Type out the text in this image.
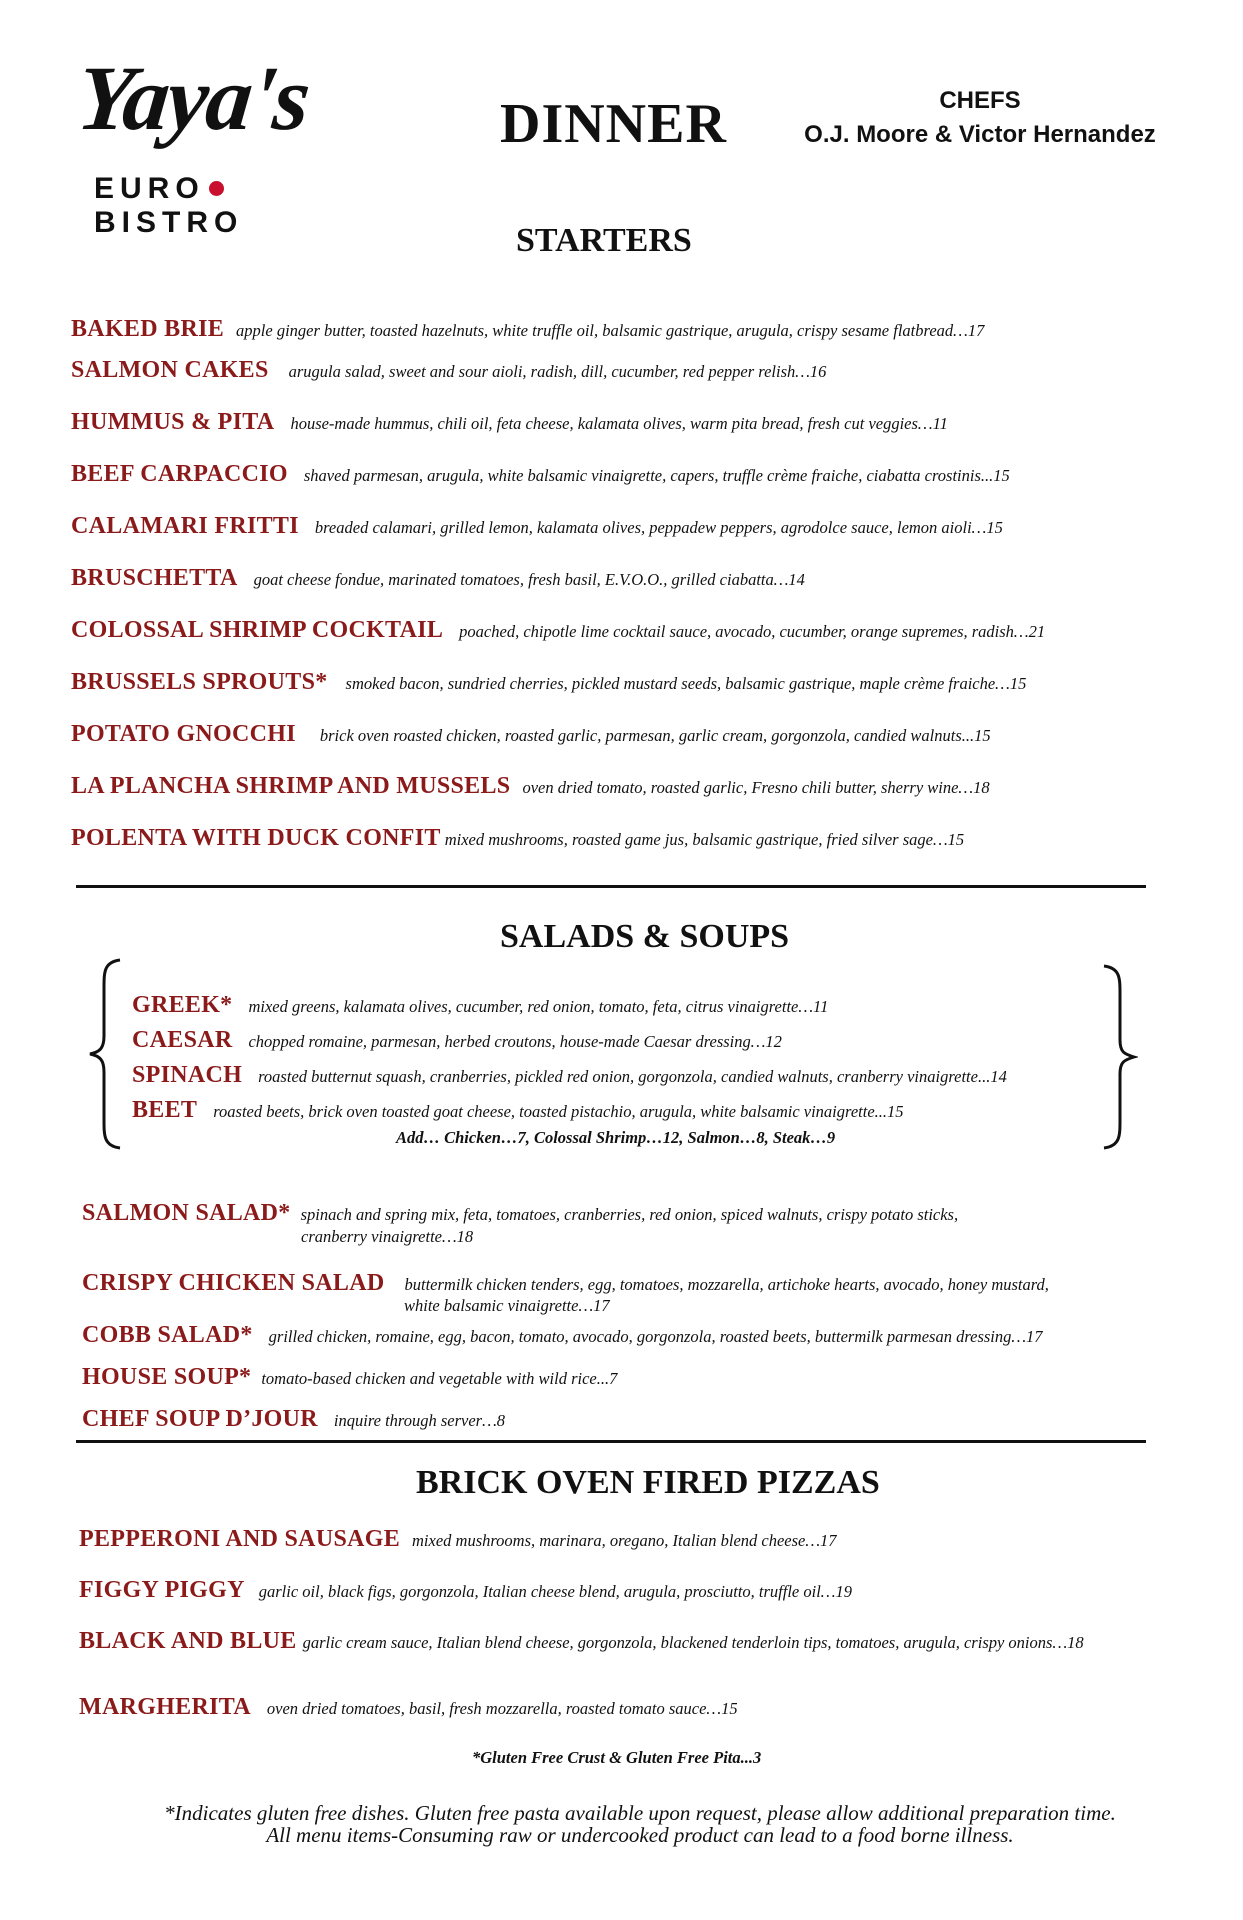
Yaya's
EUROBISTRO
DINNER	CHEFS
O.J. Moore & Victor Hernandez
STARTERS
BAKED BRIE apple ginger butter, toasted hazelnuts, white truffle oil, balsamic gastrique, arugula, crispy sesame flatbread…17
SALMON CAKES arugula salad, sweet and sour aioli, radish, dill, cucumber, red pepper relish…16
HUMMUS & PITA house-made hummus, chili oil, feta cheese, kalamata olives, warm pita bread, fresh cut veggies…11
BEEF CARPACCIO shaved parmesan, arugula, white balsamic vinaigrette, capers, truffle crème fraiche, ciabatta crostinis...15
CALAMARI FRITTI breaded calamari, grilled lemon, kalamata olives, peppadew peppers, agrodolce sauce, lemon aioli…15
BRUSCHETTA goat cheese fondue, marinated tomatoes, fresh basil, E.V.O.O., grilled ciabatta…14
COLOSSAL SHRIMP COCKTAIL poached, chipotle lime cocktail sauce, avocado, cucumber, orange supremes, radish…21
BRUSSELS SPROUTS* smoked bacon, sundried cherries, pickled mustard seeds, balsamic gastrique, maple crème fraiche…15
POTATO GNOCCHI brick oven roasted chicken, roasted garlic, parmesan, garlic cream, gorgonzola, candied walnuts...15
LA PLANCHA SHRIMP AND MUSSELS oven dried tomato, roasted garlic, Fresno chili butter, sherry wine…18
POLENTA WITH DUCK CONFIT mixed mushrooms, roasted game jus, balsamic gastrique, fried silver sage…15
SALADS & SOUPS
GREEK* mixed greens, kalamata olives, cucumber, red onion, tomato, feta, citrus vinaigrette…11
CAESAR chopped romaine, parmesan, herbed croutons, house-made Caesar dressing…12
SPINACH roasted butternut squash, cranberries, pickled red onion, gorgonzola, candied walnuts, cranberry vinaigrette...14
BEET roasted beets, brick oven toasted goat cheese, toasted pistachio, arugula, white balsamic vinaigrette...15
Add… Chicken…7, Colossal Shrimp…12, Salmon…8, Steak…9
SALMON SALAD* spinach and spring mix, feta, tomatoes, cranberries, red onion, spiced walnuts, crispy potato sticks,
cranberry vinaigrette…18
CRISPY CHICKEN SALAD buttermilk chicken tenders, egg, tomatoes, mozzarella, artichoke hearts, avocado, honey mustard,
white balsamic vinaigrette…17
COBB SALAD* grilled chicken, romaine, egg, bacon, tomato, avocado, gorgonzola, roasted beets, buttermilk parmesan dressing…17
HOUSE SOUP* tomato-based chicken and vegetable with wild rice...7
CHEF SOUP D’JOUR inquire through server…8
BRICK OVEN FIRED PIZZAS
PEPPERONI AND SAUSAGE mixed mushrooms, marinara, oregano, Italian blend cheese…17
FIGGY PIGGY garlic oil, black figs, gorgonzola, Italian cheese blend, arugula, prosciutto, truffle oil…19
BLACK AND BLUE garlic cream sauce, Italian blend cheese, gorgonzola, blackened tenderloin tips, tomatoes, arugula, crispy onions…18
MARGHERITA oven dried tomatoes, basil, fresh mozzarella, roasted tomato sauce…15
*Gluten Free Crust & Gluten Free Pita...3
*Indicates gluten free dishes. Gluten free pasta available upon request, please allow additional preparation time.
All menu items-Consuming raw or undercooked product can lead to a food borne illness.
